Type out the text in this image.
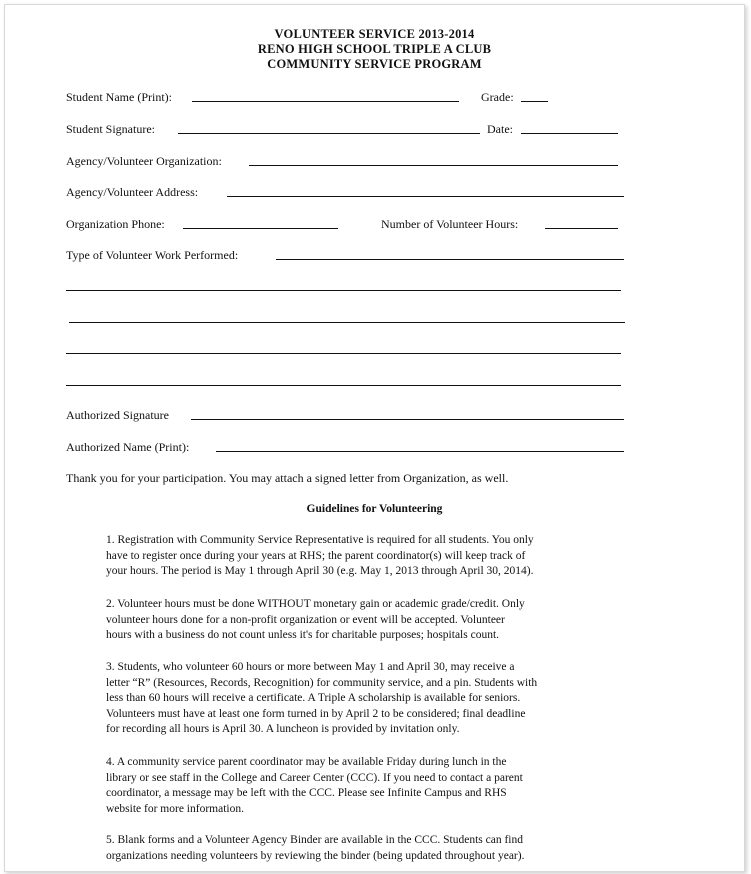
VOLUNTEER SERVICE 2013-2014
RENO HIGH SCHOOL TRIPLE A CLUB
COMMUNITY SERVICE PROGRAM
Student Name (Print):	Grade:
Student Signature:	Date:
Agency/Volunteer Organization:
Agency/Volunteer Address:
Organization Phone:	Number of Volunteer Hours:
Type of Volunteer Work Performed:
Authorized Signature
Authorized Name (Print):
Thank you for your participation. You may attach a signed letter from Organization, as well.
Guidelines for Volunteering

1. Registration with Community Service Representative is required for all students. You only

have to register once during your years at RHS; the parent coordinator(s) will keep track of

your hours. The period is May 1 through April 30 (e.g. May 1, 2013 through April 30, 2014).

2. Volunteer hours must be done WITHOUT monetary gain or academic grade/credit. Only

volunteer hours done for a non-profit organization or event will be accepted. Volunteer

hours with a business do not count unless it's for charitable purposes; hospitals count.

3. Students, who volunteer 60 hours or more between May 1 and April 30, may receive a

letter “R” (Resources, Records, Recognition) for community service, and a pin. Students with

less than 60 hours will receive a certificate. A Triple A scholarship is available for seniors.

Volunteers must have at least one form turned in by April 2 to be considered; final deadline

for recording all hours is April 30. A luncheon is provided by invitation only.

4. A community service parent coordinator may be available Friday during lunch in the

library or see staff in the College and Career Center (CCC). If you need to contact a parent

coordinator, a message may be left with the CCC. Please see Infinite Campus and RHS

website for more information.

5. Blank forms and a Volunteer Agency Binder are available in the CCC. Students can find

organizations needing volunteers by reviewing the binder (being updated throughout year).
